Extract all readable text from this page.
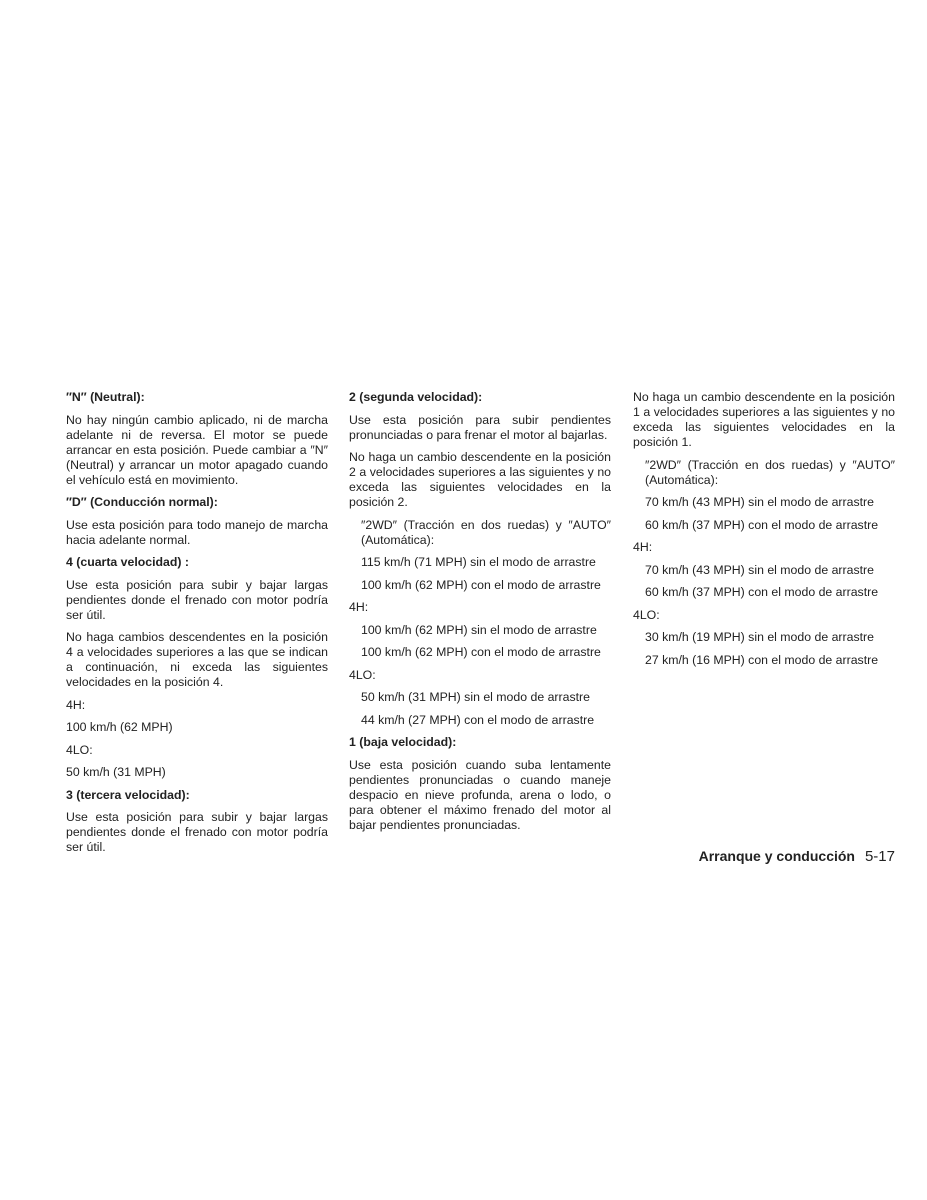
″N″ (Neutral):

No hay ningún cambio aplicado, ni de marcha adelante ni de reversa. El motor se puede arrancar en esta posición. Puede cambiar a ″N″ (Neutral) y arrancar un motor apagado cuando el vehículo está en movimiento.

″D″ (Conducción normal):

Use esta posición para todo manejo de marcha hacia adelante normal.

4 (cuarta velocidad) :

Use esta posición para subir y bajar largas pendientes donde el frenado con motor podría ser útil.

No haga cambios descendentes en la posición 4 a velocidades superiores a las que se indican a continuación, ni exceda las siguientes velocidades en la posición 4.

4H:

100 km/h (62 MPH)

4LO:

50 km/h (31 MPH)

3 (tercera velocidad):

Use esta posición para subir y bajar largas pendientes donde el frenado con motor podría ser útil.

2 (segunda velocidad):

Use esta posición para subir pendientes pronunciadas o para frenar el motor al bajarlas.

No haga un cambio descendente en la posición 2 a velocidades superiores a las siguientes y no exceda las siguientes velocidades en la posición 2.

″2WD″ (Tracción en dos ruedas) y ″AUTO″ (Automática):

115 km/h (71 MPH) sin el modo de arrastre

100 km/h (62 MPH) con el modo de arrastre

4H:

100 km/h (62 MPH) sin el modo de arrastre

100 km/h (62 MPH) con el modo de arrastre

4LO:

50 km/h (31 MPH) sin el modo de arrastre

44 km/h (27 MPH) con el modo de arrastre

1 (baja velocidad):

Use esta posición cuando suba lentamente pendientes pronunciadas o cuando maneje despacio en nieve profunda, arena o lodo, o para obtener el máximo frenado del motor al bajar pendientes pronunciadas.

No haga un cambio descendente en la posición 1 a velocidades superiores a las siguientes y no exceda las siguientes velocidades en la posición 1.

″2WD″ (Tracción en dos ruedas) y ″AUTO″ (Automática):

70 km/h (43 MPH) sin el modo de arrastre

60 km/h (37 MPH) con el modo de arrastre

4H:

70 km/h (43 MPH) sin el modo de arrastre

60 km/h (37 MPH) con el modo de arrastre

4LO:

30 km/h (19 MPH) sin el modo de arrastre

27 km/h (16 MPH) con el modo de arrastre

Arranque y conducción 5-17
